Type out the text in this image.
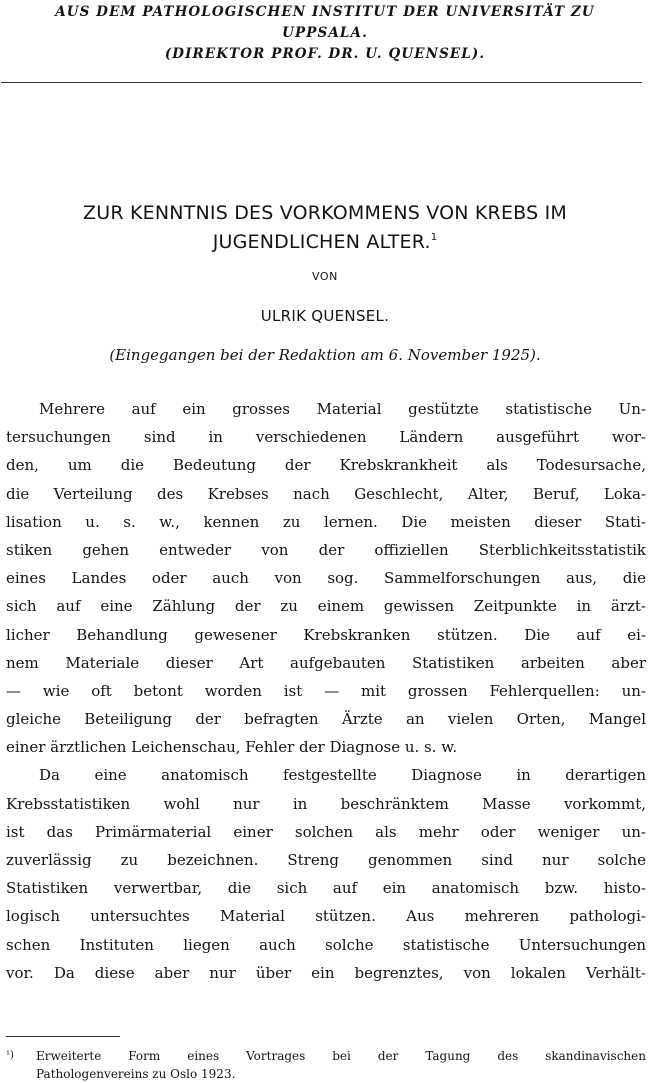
AUS DEM PATHOLOGISCHEN INSTITUT DER UNIVERSITÄT ZU
UPPSALA.
(DIREKTOR PROF. DR. U. QUENSEL).
ZUR KENNTNIS DES VORKOMMENS VON KREBS IM
JUGENDLICHEN ALTER.$^1$
VON
ULRIK QUENSEL.
(Eingegangen bei der Redaktion am 6. November 1925).
Mehrere auf ein grosses Material gestützte statistische Un-
tersuchungen sind in verschiedenen Ländern ausgeführt wor-
den, um die Bedeutung der Krebskrankheit als Todesursache,
die Verteilung des Krebses nach Geschlecht, Alter, Beruf, Loka-
lisation u. s. w., kennen zu lernen. Die meisten dieser Stati-
stiken gehen entweder von der offiziellen Sterblichkeitsstatistik
eines Landes oder auch von sog. Sammelforschungen aus, die
sich auf eine Zählung der zu einem gewissen Zeitpunkte in ärzt-
licher Behandlung gewesener Krebskranken stützen. Die auf ei-
nem Materiale dieser Art aufgebauten Statistiken arbeiten aber
— wie oft betont worden ist — mit grossen Fehlerquellen: un-
gleiche Beteiligung der befragten Ärzte an vielen Orten, Mangel
einer ärztlichen Leichenschau, Fehler der Diagnose u. s. w.
Da eine anatomisch festgestellte Diagnose in derartigen
Krebsstatistiken wohl nur in beschränktem Masse vorkommt,
ist das Primärmaterial einer solchen als mehr oder weniger un-
zuverlässig zu bezeichnen. Streng genommen sind nur solche
Statistiken verwertbar, die sich auf ein anatomisch bzw. histo-
logisch untersuchtes Material stützen. Aus mehreren pathologi-
schen Instituten liegen auch solche statistische Untersuchungen
vor. Da diese aber nur über ein begrenztes, von lokalen Verhält-
¹)	Erweiterte Form eines Vortrages bei der Tagung des skandinavischen
Pathologenvereins zu Oslo 1923.
